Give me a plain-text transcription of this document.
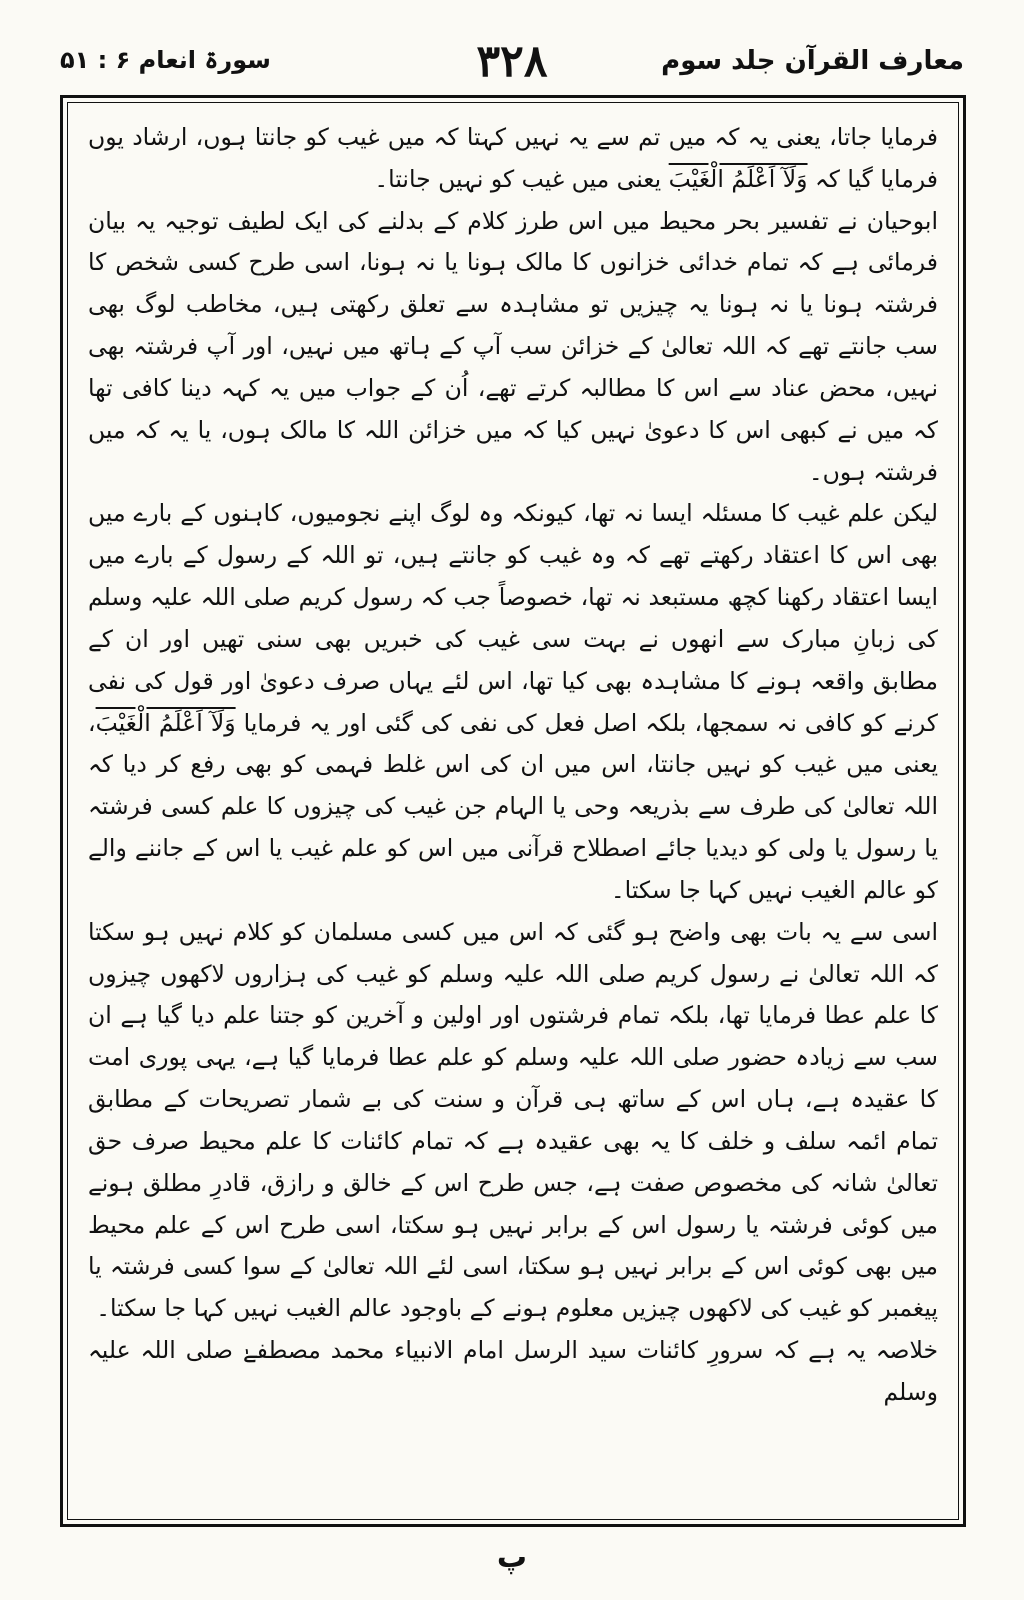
معارف القرآن جلد سوم
۳۲۸
سورۃ انعام ۶ : ۵۱

فرمایا جاتا، یعنی یہ کہ میں تم سے یہ نہیں کہتا کہ میں غیب کو جانتا ہوں، ارشاد یوں فرمایا گیا کہ وَلَآ اَعْلَمُ الْغَيْبَ یعنی میں غیب کو نہیں جانتا۔

ابوحیان نے تفسیر بحر محیط میں اس طرز کلام کے بدلنے کی ایک لطیف توجیہ یہ بیان فرمائی ہے کہ تمام خدائی خزانوں کا مالک ہونا یا نہ ہونا، اسی طرح کسی شخص کا فرشتہ ہونا یا نہ ہونا یہ چیزیں تو مشاہدہ سے تعلق رکھتی ہیں، مخاطب لوگ بھی سب جانتے تھے کہ اللہ تعالیٰ کے خزائن سب آپ کے ہاتھ میں نہیں، اور آپ فرشتہ بھی نہیں، محض عناد سے اس کا مطالبہ کرتے تھے، اُن کے جواب میں یہ کہہ دینا کافی تھا کہ میں نے کبھی اس کا دعویٰ نہیں کیا کہ میں خزائن اللہ کا مالک ہوں، یا یہ کہ میں فرشتہ ہوں۔

لیکن علم غیب کا مسئلہ ایسا نہ تھا، کیونکہ وہ لوگ اپنے نجومیوں، کاہنوں کے بارے میں بھی اس کا اعتقاد رکھتے تھے کہ وہ غیب کو جانتے ہیں، تو اللہ کے رسول کے بارے میں ایسا اعتقاد رکھنا کچھ مستبعد نہ تھا، خصوصاً جب کہ رسول کریم صلی اللہ علیہ وسلم کی زبانِ مبارک سے انھوں نے بہت سی غیب کی خبریں بھی سنی تھیں اور ان کے مطابق واقعہ ہونے کا مشاہدہ بھی کیا تھا، اس لئے یہاں صرف دعویٰ اور قول کی نفی کرنے کو کافی نہ سمجھا، بلکہ اصل فعل کی نفی کی گئی اور یہ فرمایا وَلَآ اَعْلَمُ الْغَيْبَ، یعنی میں غیب کو نہیں جانتا، اس میں ان کی اس غلط فہمی کو بھی رفع کر دیا کہ اللہ تعالیٰ کی طرف سے بذریعہ وحی یا الہام جن غیب کی چیزوں کا علم کسی فرشتہ یا رسول یا ولی کو دیدیا جائے اصطلاح قرآنی میں اس کو علم غیب یا اس کے جاننے والے کو عالم الغیب نہیں کہا جا سکتا۔

اسی سے یہ بات بھی واضح ہو گئی کہ اس میں کسی مسلمان کو کلام نہیں ہو سکتا کہ اللہ تعالیٰ نے رسول کریم صلی اللہ علیہ وسلم کو غیب کی ہزاروں لاکھوں چیزوں کا علم عطا فرمایا تھا، بلکہ تمام فرشتوں اور اولین و آخرین کو جتنا علم دیا گیا ہے ان سب سے زیادہ حضور صلی اللہ علیہ وسلم کو علم عطا فرمایا گیا ہے، یہی پوری امت کا عقیدہ ہے، ہاں اس کے ساتھ ہی قرآن و سنت کی بے شمار تصریحات کے مطابق تمام ائمہ سلف و خلف کا یہ بھی عقیدہ ہے کہ تمام کائنات کا علم محیط صرف حق تعالیٰ شانہ کی مخصوص صفت ہے، جس طرح اس کے خالق و رازق، قادرِ مطلق ہونے میں کوئی فرشتہ یا رسول اس کے برابر نہیں ہو سکتا، اسی طرح اس کے علم محیط میں بھی کوئی اس کے برابر نہیں ہو سکتا، اسی لئے اللہ تعالیٰ کے سوا کسی فرشتہ یا پیغمبر کو غیب کی لاکھوں چیزیں معلوم ہونے کے باوجود عالم الغیب نہیں کہا جا سکتا۔

خلاصہ یہ ہے کہ سرورِ کائنات سید الرسل امام الانبیاء محمد مصطفےٰ صلی اللہ علیہ وسلم

پ
